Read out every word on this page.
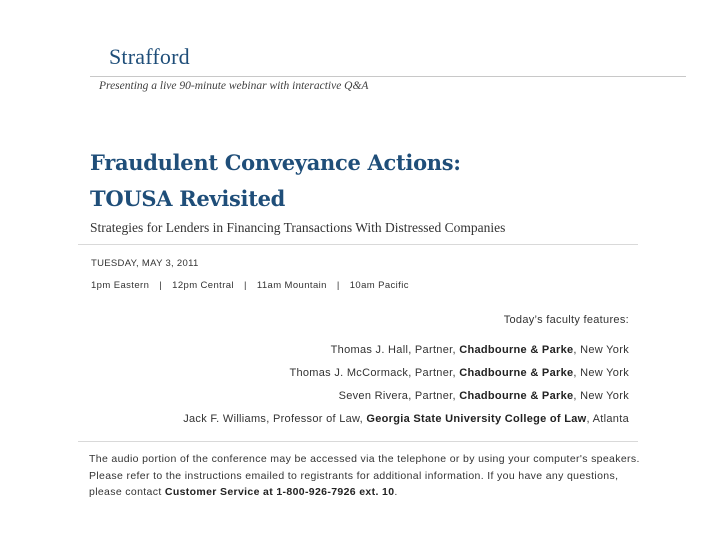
Strafford
Presenting a live 90-minute webinar with interactive Q&A
Fraudulent Conveyance Actions:
TOUSA Revisited
Strategies for Lenders in Financing Transactions With Distressed Companies
TUESDAY, MAY 3, 2011
1pm Eastern | 12pm Central | 11am Mountain | 10am Pacific
Today’s faculty features:
Thomas J. Hall, Partner, Chadbourne & Parke, New York
Thomas J. McCormack, Partner, Chadbourne & Parke, New York
Seven Rivera, Partner, Chadbourne & Parke, New York
Jack F. Williams, Professor of Law, Georgia State University College of Law, Atlanta
The audio portion of the conference may be accessed via the telephone or by using your computer's speakers. Please refer to the instructions emailed to registrants for additional information. If you have any questions, please contact Customer Service at 1-800-926-7926 ext. 10.
